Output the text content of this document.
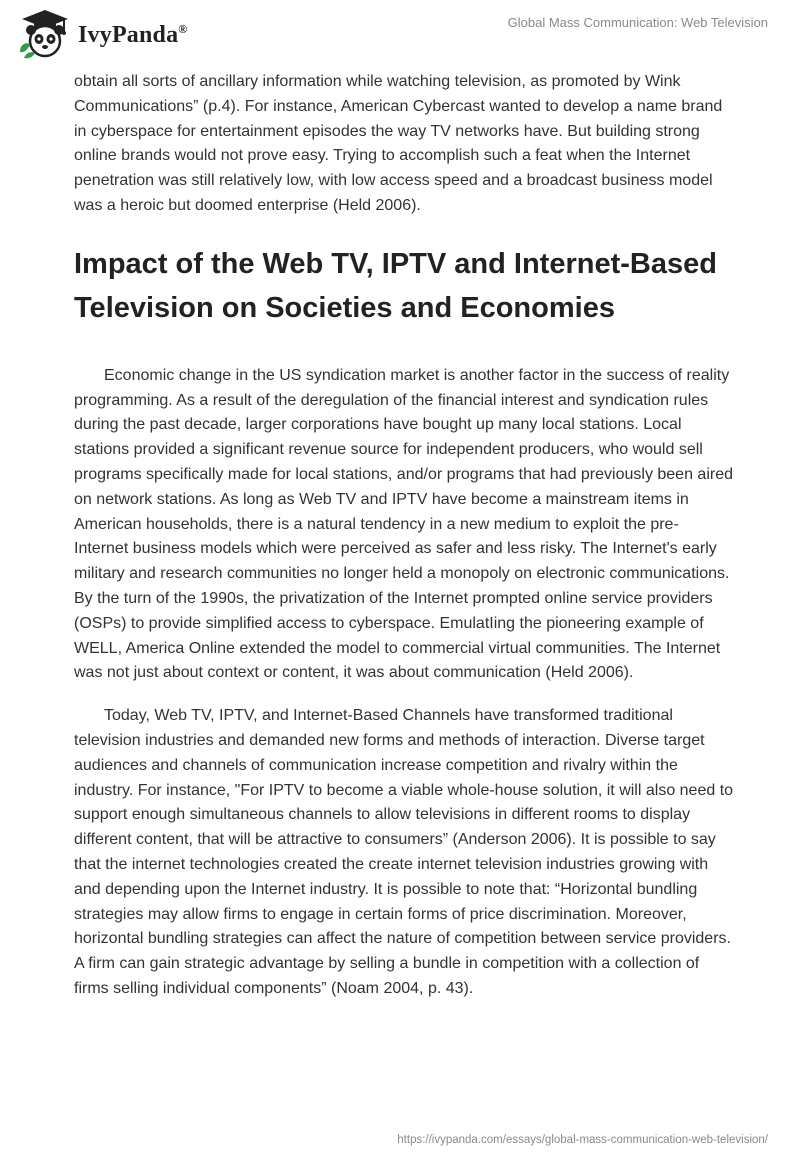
IvyPanda®	Global Mass Communication: Web Television

obtain all sorts of ancillary information while watching television, as promoted by Wink Communications” (p.4). For instance, American Cybercast wanted to develop a name brand in cyberspace for entertainment episodes the way TV networks have. But building strong online brands would not prove easy. Trying to accomplish such a feat when the Internet penetration was still relatively low, with low access speed and a broadcast business model was a heroic but doomed enterprise (Held 2006).

Impact of the Web TV, IPTV and Internet-Based Television on Societies and Economies

Economic change in the US syndication market is another factor in the success of reality programming. As a result of the deregulation of the financial interest and syndication rules during the past decade, larger corporations have bought up many local stations. Local stations provided a significant revenue source for independent producers, who would sell programs specifically made for local stations, and/or programs that had previously been aired on network stations. As long as Web TV and IPTV have become a mainstream items in American households, there is a natural tendency in a new medium to exploit the pre- Internet business models which were perceived as safer and less risky. The Internet's early military and research communities no longer held a monopoly on electronic communications. By the turn of the 1990s, the privatization of the Internet prompted online service providers (OSPs) to provide simplified access to cyberspace. EmulatIing the pioneering example of WELL, America Online extended the model to commercial virtual communities. The Internet was not just about context or content, it was about communication (Held 2006).

Today, Web TV, IPTV, and Internet-Based Channels have transformed traditional television industries and demanded new forms and methods of interaction. Diverse target audiences and channels of communication increase competition and rivalry within the industry. For instance, "For IPTV to become a viable whole-house solution, it will also need to support enough simultaneous channels to allow televisions in different rooms to display different content, that will be attractive to consumers” (Anderson 2006). It is possible to say that the internet technologies created the create internet television industries growing with and depending upon the Internet industry. It is possible to note that: “Horizontal bundling strategies may allow firms to engage in certain forms of price discrimination. Moreover, horizontal bundling strategies can affect the nature of competition between service providers. A firm can gain strategic advantage by selling a bundle in competition with a collection of firms selling individual components” (Noam 2004, p. 43).

https://ivypanda.com/essays/global-mass-communication-web-television/
